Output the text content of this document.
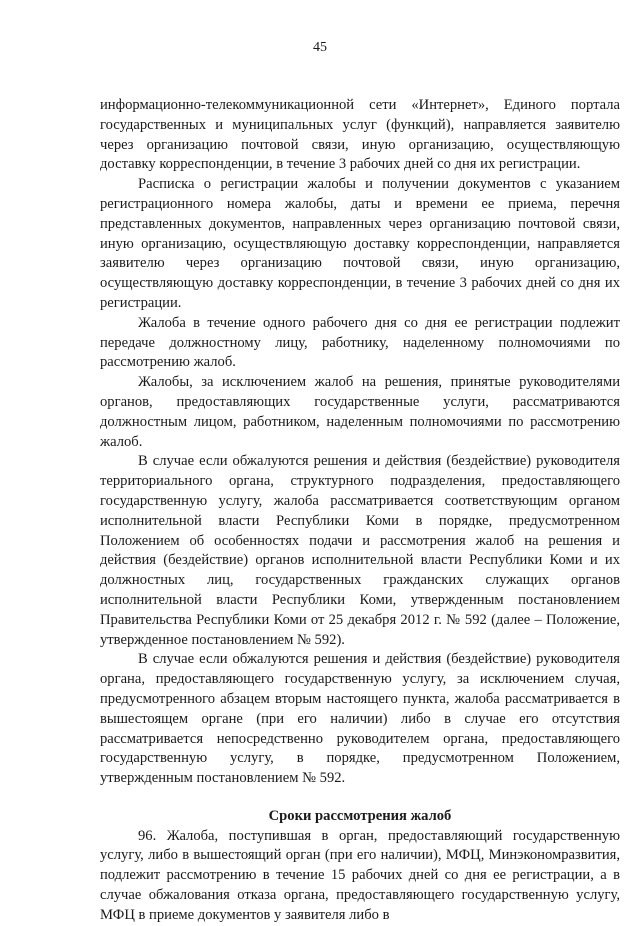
45

информационно-телекоммуникационной сети «Интернет», Единого портала государственных и муниципальных услуг (функций), направляется заявителю через организацию почтовой связи, иную организацию, осуществляющую доставку корреспонденции, в течение 3 рабочих дней со дня их регистрации.

Расписка о регистрации жалобы и получении документов с указанием регистрационного номера жалобы, даты и времени ее приема, перечня представленных документов, направленных через организацию почтовой связи, иную организацию, осуществляющую доставку корреспонденции, направляется заявителю через организацию почтовой связи, иную организацию, осуществляющую доставку корреспонденции, в течение 3 рабочих дней со дня их регистрации.

Жалоба в течение одного рабочего дня со дня ее регистрации подлежит передаче должностному лицу, работнику, наделенному полномочиями по рассмотрению жалоб.

Жалобы, за исключением жалоб на решения, принятые руководителями органов, предоставляющих государственные услуги, рассматриваются должностным лицом, работником, наделенным полномочиями по рассмотрению жалоб.

В случае если обжалуются решения и действия (бездействие) руководителя территориального органа, структурного подразделения, предоставляющего государственную услугу, жалоба рассматривается соответствующим органом исполнительной власти Республики Коми в порядке, предусмотренном Положением об особенностях подачи и рассмотрения жалоб на решения и действия (бездействие) органов исполнительной власти Республики Коми и их должностных лиц, государственных гражданских служащих органов исполнительной власти Республики Коми, утвержденным постановлением Правительства Республики Коми от 25 декабря 2012 г. № 592 (далее – Положение, утвержденное постановлением № 592).

В случае если обжалуются решения и действия (бездействие) руководителя органа, предоставляющего государственную услугу, за исключением случая, предусмотренного абзацем вторым настоящего пункта, жалоба рассматривается в вышестоящем органе (при его наличии) либо в случае его отсутствия рассматривается непосредственно руководителем органа, предоставляющего государственную услугу, в порядке, предусмотренном Положением, утвержденным постановлением № 592.

Сроки рассмотрения жалоб

96. Жалоба, поступившая в орган, предоставляющий государственную услугу, либо в вышестоящий орган (при его наличии), МФЦ, Минэкономразвития, подлежит рассмотрению в течение 15 рабочих дней со дня ее регистрации, а в случае обжалования отказа органа, предоставляющего государственную услугу, МФЦ в приеме документов у заявителя либо в
